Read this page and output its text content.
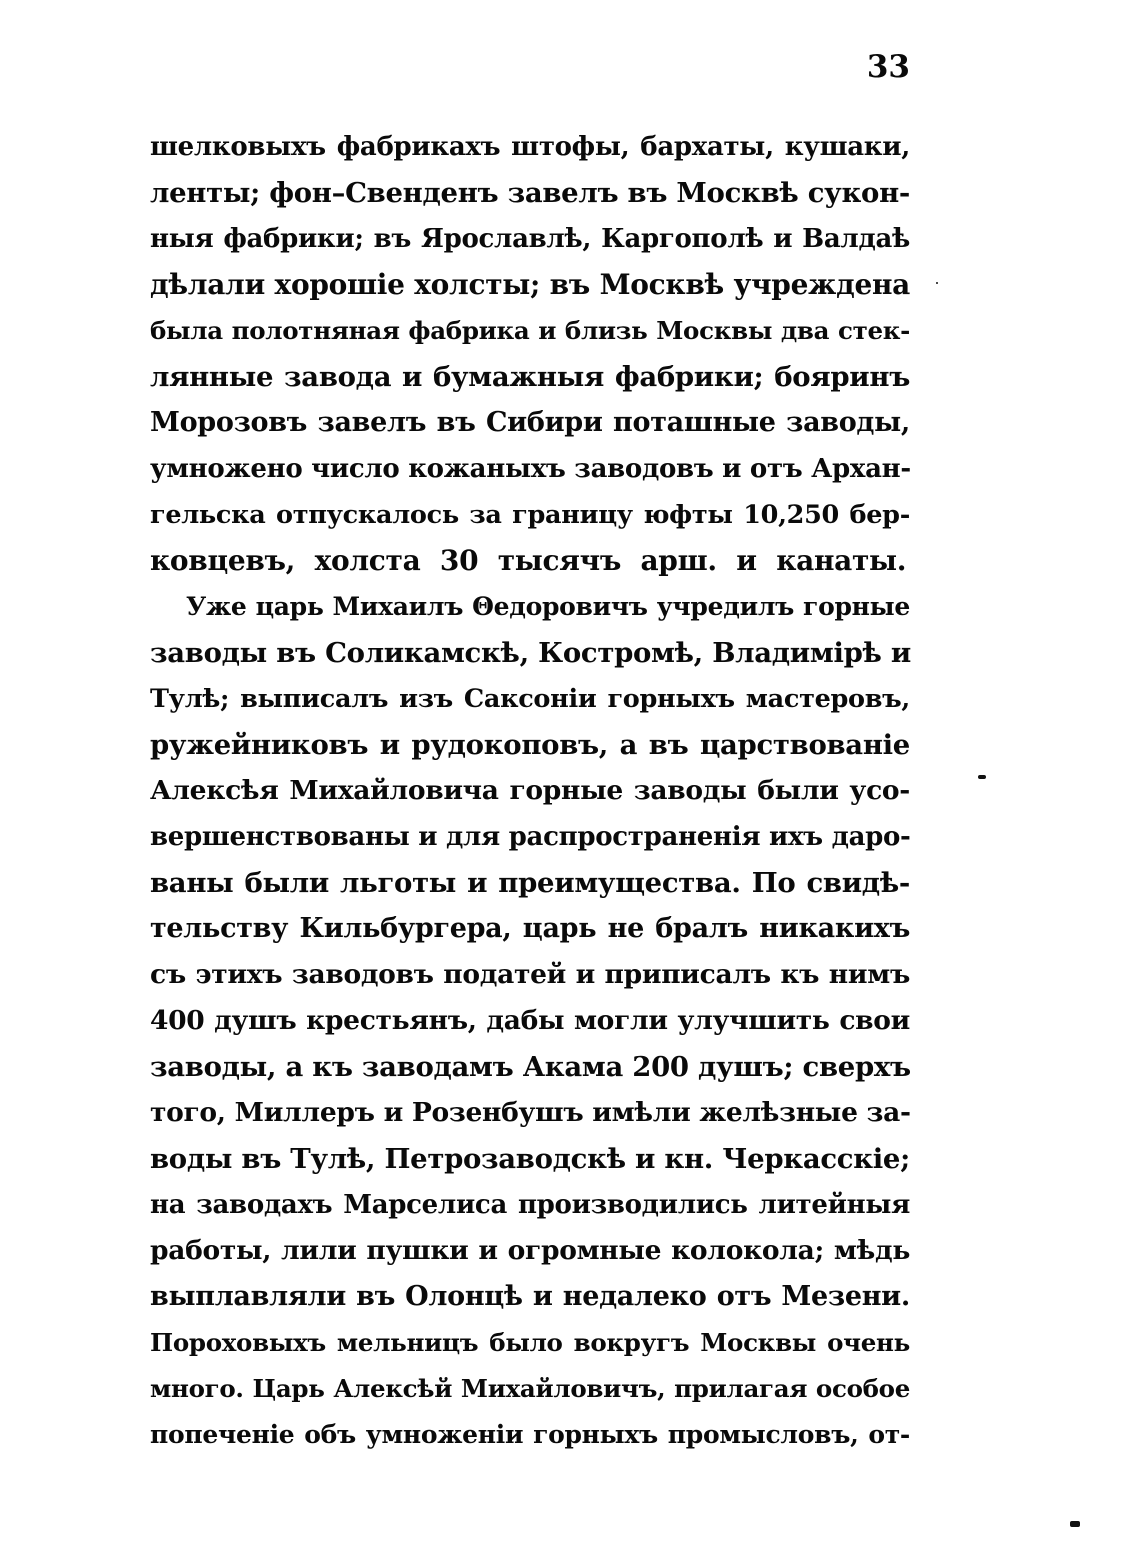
33
шелковыхъ фабрикахъ штофы, бархаты, кушаки,
ленты; фон–Свенденъ завелъ въ Москвѣ сукон-
ныя фабрики; въ Ярославлѣ, Каргополѣ и Валдаѣ
дѣлали хорошіе холсты; въ Москвѣ учреждена
была полотняная фабрика и близь Москвы два стек-
лянные завода и бумажныя фабрики; бояринъ
Морозовъ завелъ въ Сибири поташные заводы,
умножено число кожаныхъ заводовъ и отъ Архан-
гельска отпускалось за границу юфты 10,250 бер-
ковцевъ, холста 30 тысячъ арш. и канаты.
Уже царь Михаилъ Θедоровичъ учредилъ горные
заводы въ Соликамскѣ, Костромѣ, Владимірѣ и
Тулѣ; выписалъ изъ Саксоніи горныхъ мастеровъ,
ружейниковъ и рудокоповъ, а въ царствованіе
Алексѣя Михайловича горные заводы были усо-
вершенствованы и для распространенія ихъ даро-
ваны были льготы и преимущества. По свидѣ-
тельству Кильбургера, царь не бралъ никакихъ
съ этихъ заводовъ податей и приписалъ къ нимъ
400 душъ крестьянъ, дабы могли улучшить свои
заводы, а къ заводамъ Акама 200 душъ; сверхъ
того, Миллеръ и Розенбушъ имѣли желѣзные за-
воды въ Тулѣ, Петрозаводскѣ и кн. Черкасскіе;
на заводахъ Марселиса производились литейныя
работы, лили пушки и огромные колокола; мѣдь
выплавляли въ Олонцѣ и недалеко отъ Мезени.
Пороховыхъ мельницъ было вокругъ Москвы очень
много. Царь Алексѣй Михайловичъ, прилагая особое
попеченіе объ умноженіи горныхъ промысловъ, от-
